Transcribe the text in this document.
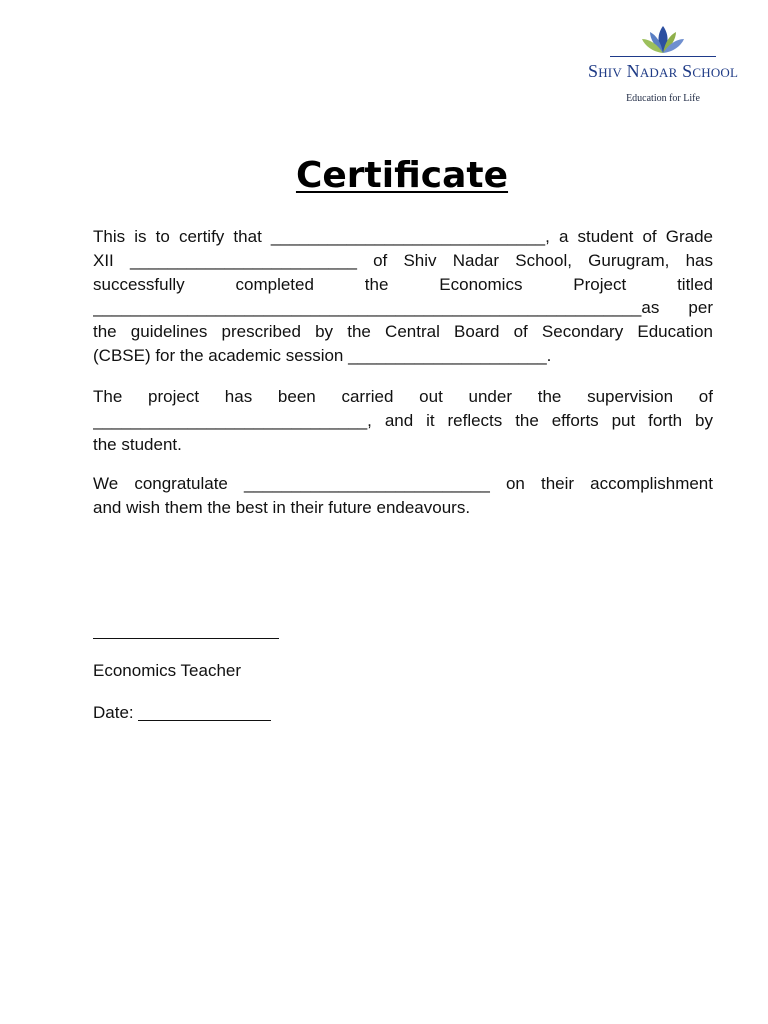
Shiv Nadar School
Education for Life
Certificate
This is to certify that _____________________________, a student of Grade
XII ________________________ of Shiv Nadar School, Gurugram, has
successfully completed the Economics Project titled
__________________________________________________________as per
the guidelines prescribed by the Central Board of Secondary Education
(CBSE) for the academic session _____________________.
The project has been carried out under the supervision of
_____________________________, and it reflects the efforts put forth by
the student.
We congratulate __________________________ on their accomplishment
and wish them the best in their future endeavours.
Economics Teacher
Date:
